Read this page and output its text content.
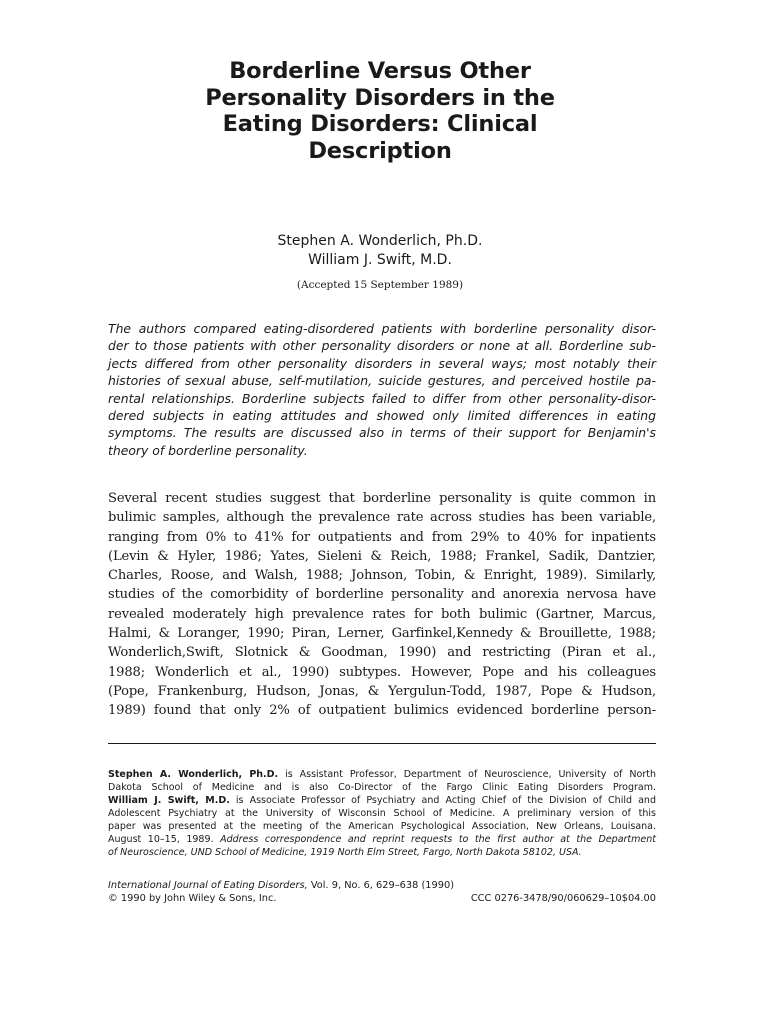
Borderline Versus Other
Personality Disorders in the
Eating Disorders: Clinical
Description
Stephen A. Wonderlich, Ph.D.
William J. Swift, M.D.
(Accepted 15 September 1989)
The authors compared eating-disordered patients with borderline personality disor-
der to those patients with other personality disorders or none at all. Borderline sub-
jects differed from other personality disorders in several ways; most notably their
histories of sexual abuse, self-mutilation, suicide gestures, and perceived hostile pa-
rental relationships. Borderline subjects failed to differ from other personality-disor-
dered subjects in eating attitudes and showed only limited differences in eating
symptoms. The results are discussed also in terms of their support for Benjamin's
theory of borderline personality.
Several recent studies suggest that borderline personality is quite common in
bulimic samples, although the prevalence rate across studies has been variable,
ranging from 0% to 41% for outpatients and from 29% to 40% for inpatients
(Levin & Hyler, 1986; Yates, Sieleni & Reich, 1988; Frankel, Sadik, Dantzier,
Charles, Roose, and Walsh, 1988; Johnson, Tobin, & Enright, 1989). Similarly,
studies of the comorbidity of borderline personality and anorexia nervosa have
revealed moderately high prevalence rates for both bulimic (Gartner, Marcus,
Halmi, & Loranger, 1990; Piran, Lerner, Garfinkel,Kennedy & Brouillette, 1988;
Wonderlich,Swift, Slotnick & Goodman, 1990) and restricting (Piran et al.,
1988; Wonderlich et al., 1990) subtypes. However, Pope and his colleagues
(Pope, Frankenburg, Hudson, Jonas, & Yergulun-Todd, 1987, Pope & Hudson,
1989) found that only 2% of outpatient bulimics evidenced borderline person-
Stephen A. Wonderlich, Ph.D. is Assistant Professor, Department of Neuroscience, University of North
Dakota School of Medicine and is also Co-Director of the Fargo Clinic Eating Disorders Program.
William J. Swift, M.D. is Associate Professor of Psychiatry and Acting Chief of the Division of Child and
Adolescent Psychiatry at the University of Wisconsin School of Medicine. A preliminary version of this
paper was presented at the meeting of the American Psychological Association, New Orleans, Louisana.
August 10–15, 1989. Address correspondence and reprint requests to the first author at the Department
of Neuroscience, UND School of Medicine, 1919 North Elm Street, Fargo, North Dakota 58102, USA.
International Journal of Eating Disorders, Vol. 9, No. 6, 629–638 (1990)
© 1990 by John Wiley & Sons, Inc.	CCC 0276-3478/90/060629–10$04.00
